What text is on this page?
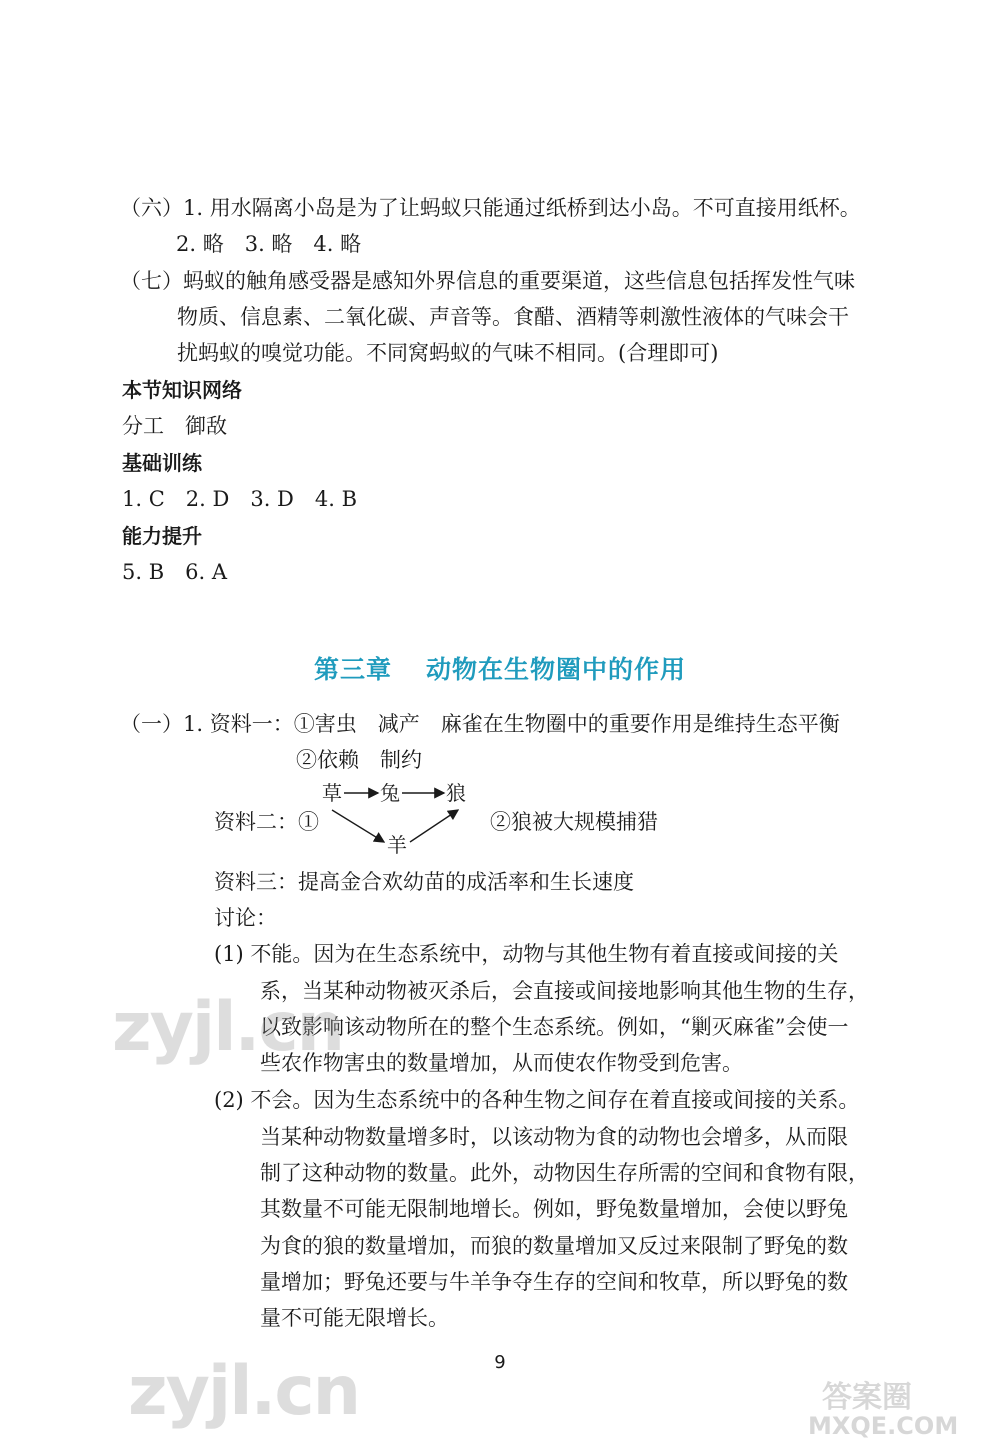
（六）1. 用水隔离小岛是为了让蚂蚁只能通过纸桥到达小岛。不可直接用纸杯。
2. 略　3. 略　4. 略
（七）蚂蚁的触角感受器是感知外界信息的重要渠道，这些信息包括挥发性气味
物质、信息素、二氧化碳、声音等。食醋、酒精等刺激性液体的气味会干
扰蚂蚁的嗅觉功能。不同窝蚂蚁的气味不相同。(合理即可)
本节知识网络
分工　御敌
基础训练
1. C　2. D　3. D　4. B
能力提升
5. B　6. A
第三章 动物在生物圈中的作用
（一）1. 资料一：①害虫　减产　麻雀在生物圈中的重要作用是维持生态平衡
②依赖　制约
资料二：①
草 兔 狼
羊
②狼被大规模捕猎
资料三：提高金合欢幼苗的成活率和生长速度
讨论：
(1) 不能。因为在生态系统中，动物与其他生物有着直接或间接的关
系，当某种动物被灭杀后，会直接或间接地影响其他生物的生存，
以致影响该动物所在的整个生态系统。例如，“剿灭麻雀”会使一
些农作物害虫的数量增加，从而使农作物受到危害。
(2) 不会。因为生态系统中的各种生物之间存在着直接或间接的关系。
当某种动物数量增多时，以该动物为食的动物也会增多，从而限
制了这种动物的数量。此外，动物因生存所需的空间和食物有限，
其数量不可能无限制地增长。例如，野兔数量增加，会使以野兔
为食的狼的数量增加，而狼的数量增加又反过来限制了野兔的数
量增加；野兔还要与牛羊争夺生存的空间和牧草，所以野兔的数
量不可能无限增长。
9
zyjl.cn
zyjl.cn	答案圈
MXQE.COM
